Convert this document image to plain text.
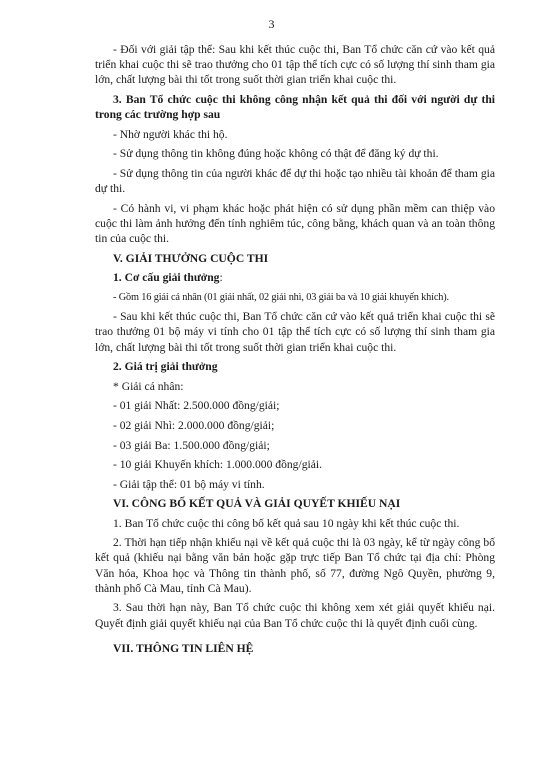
3

- Đối với giải tập thể: Sau khi kết thúc cuộc thi, Ban Tổ chức căn cứ vào kết quả triển khai cuộc thi sẽ trao thưởng cho 01 tập thể tích cực có số lượng thí sinh tham gia lớn, chất lượng bài thi tốt trong suốt thời gian triển khai cuộc thi.

3. Ban Tổ chức cuộc thi không công nhận kết quả thi đối với người dự thi trong các trường hợp sau

- Nhờ người khác thi hộ.

- Sử dụng thông tin không đúng hoặc không có thật để đăng ký dự thi.

- Sử dụng thông tin của người khác để dự thi hoặc tạo nhiều tài khoản để tham gia dự thi.

- Có hành vi, vi phạm khác hoặc phát hiện có sử dụng phần mềm can thiệp vào cuộc thi làm ảnh hưởng đến tính nghiêm túc, công bằng, khách quan và an toàn thông tin của cuộc thi.

V. GIẢI THƯỞNG CUỘC THI

1. Cơ cấu giải thưởng:

- Gồm 16 giải cá nhân (01 giải nhất, 02 giải nhì, 03 giải ba và 10 giải khuyến khích).

- Sau khi kết thúc cuộc thi, Ban Tổ chức căn cứ vào kết quả triển khai cuộc thi sẽ trao thưởng 01 bộ máy vi tính cho 01 tập thể tích cực có số lượng thí sinh tham gia lớn, chất lượng bài thi tốt trong suốt thời gian triển khai cuộc thi.

2. Giá trị giải thưởng

* Giải cá nhân:

- 01 giải Nhất: 2.500.000 đồng/giải;

- 02 giải Nhì: 2.000.000 đồng/giải;

- 03 giải Ba: 1.500.000 đồng/giải;

- 10 giải Khuyến khích: 1.000.000 đồng/giải.

- Giải tập thể: 01 bộ máy vi tính.

VI. CÔNG BỐ KẾT QUẢ VÀ GIẢI QUYẾT KHIẾU NẠI

1. Ban Tổ chức cuộc thi công bố kết quả sau 10 ngày khi kết thúc cuộc thi.

2. Thời hạn tiếp nhận khiếu nại về kết quả cuộc thi là 03 ngày, kể từ ngày công bố kết quả (khiếu nại bằng văn bản hoặc gặp trực tiếp Ban Tổ chức tại địa chỉ: Phòng Văn hóa, Khoa học và Thông tin thành phố, số 77, đường Ngô Quyền, phường 9, thành phố Cà Mau, tỉnh Cà Mau).

3. Sau thời hạn này, Ban Tổ chức cuộc thi không xem xét giải quyết khiếu nại. Quyết định giải quyết khiếu nại của Ban Tổ chức cuộc thi là quyết định cuối cùng.

VII. THÔNG TIN LIÊN HỆ
